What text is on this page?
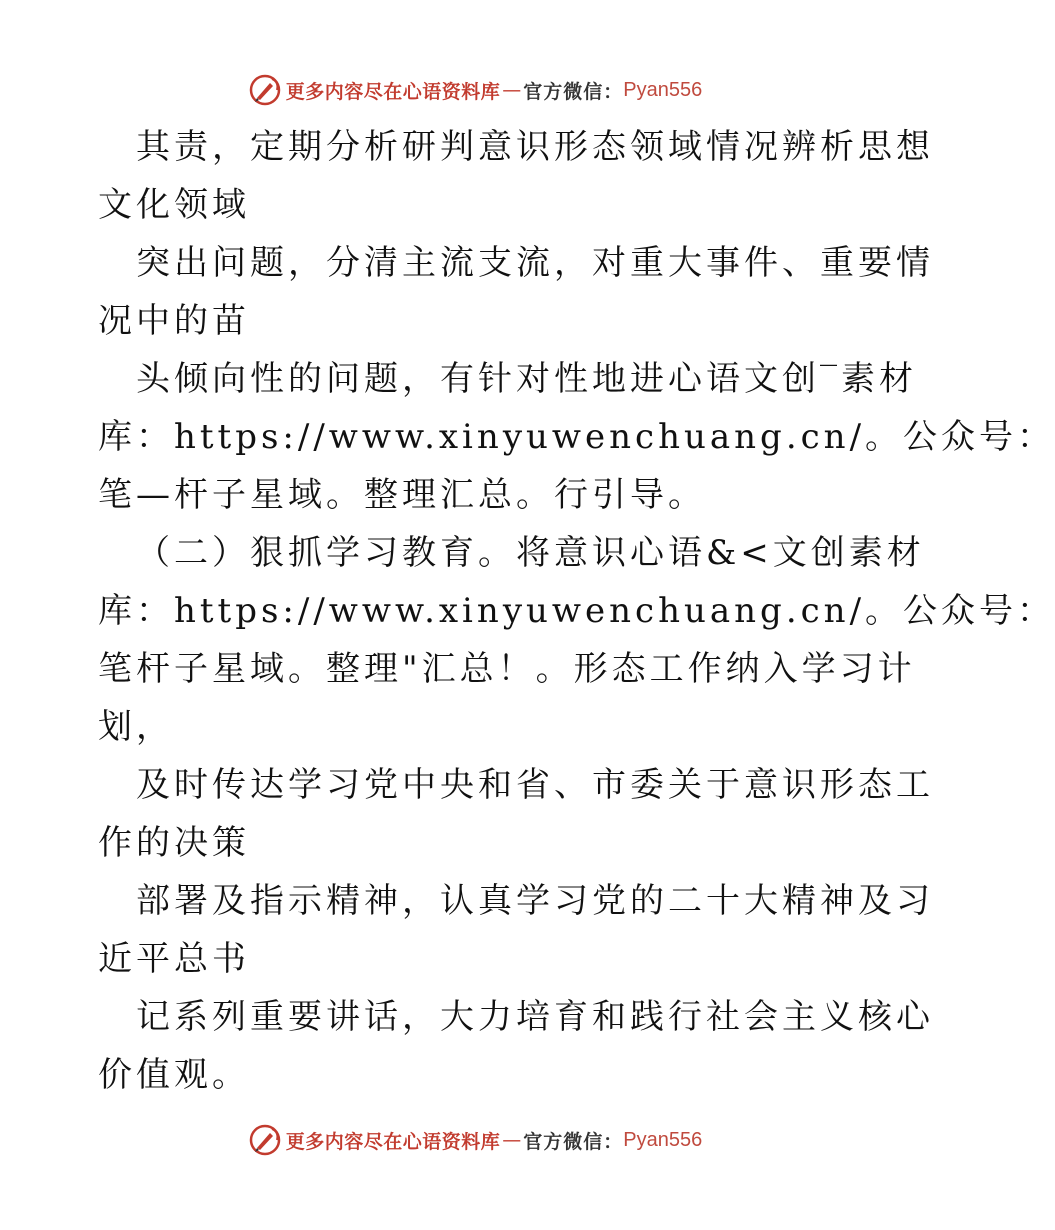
更多内容尽在心语资料库 — 官方微信： Pyan556
其责，定期分析研判意识形态领域情况辨析思想
文化领域
突出问题，分清主流支流，对重大事件、重要情
况中的苗
头倾向性的问题，有针对性地进心语文创‾素材
库：https://www.xinyuwenchuang.cn/。公众号：
笔—杆子星域。整理汇总。行引导。
（二）狠抓学习教育。将意识心语&<文创素材
库：https://www.xinyuwenchuang.cn/。公众号：
笔杆子星域。整理"汇总！。形态工作纳入学习计
划，
及时传达学习党中央和省、市委关于意识形态工
作的决策
部署及指示精神，认真学习党的二十大精神及习
近平总书
记系列重要讲话，大力培育和践行社会主义核心
价值观。
更多内容尽在心语资料库 — 官方微信： Pyan556
